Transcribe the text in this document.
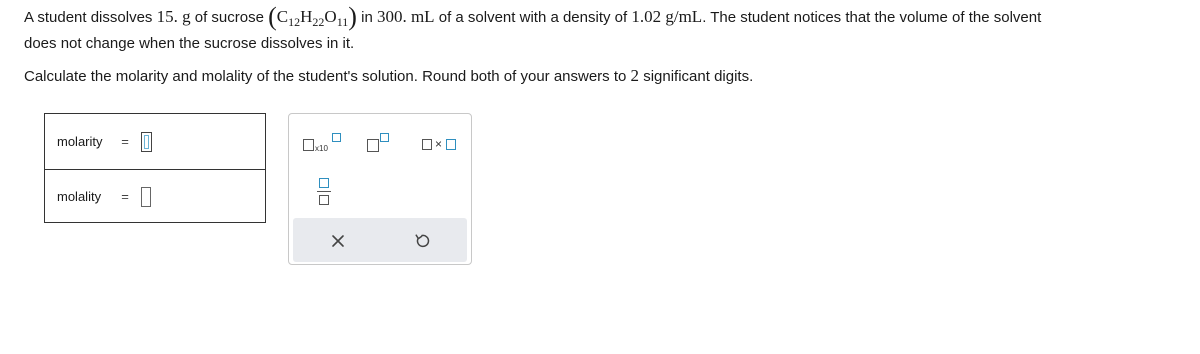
A student dissolves 15. g of sucrose $(C_{12}H_{22}O_{11})$ in 300. mL of a solvent with a density of 1.02 g/mL. The student notices that the volume of the solvent
does not change when the sucrose dissolves in it.
Calculate the molarity and molality of the student's solution. Round both of your answers to 2 significant digits.
molarity	=
molality	=
x10	×
